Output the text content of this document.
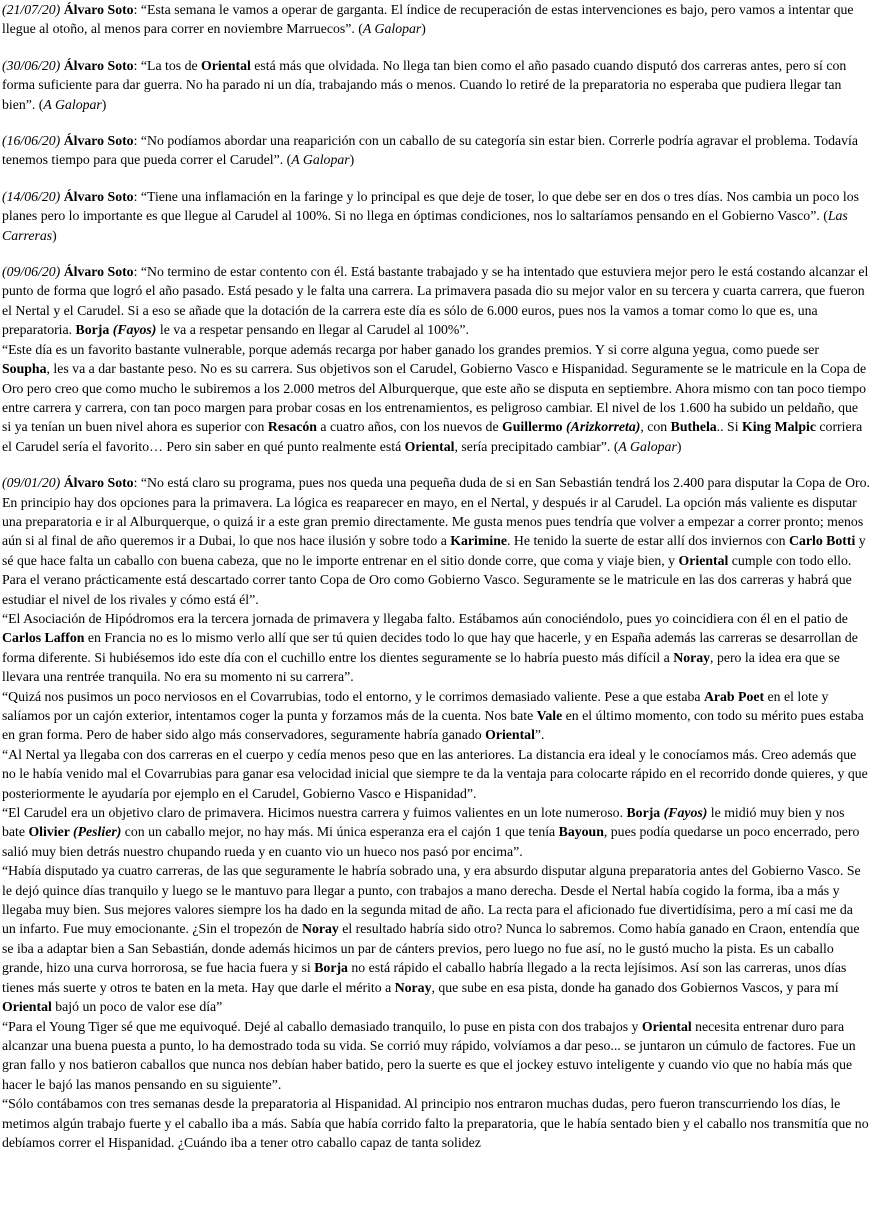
(21/07/20) Álvaro Soto: “Esta semana le vamos a operar de garganta. El índice de recuperación de estas intervenciones es bajo, pero vamos a intentar que llegue al otoño, al menos para correr en noviembre Marruecos”. (A Galopar)

(30/06/20) Álvaro Soto: “La tos de Oriental está más que olvidada. No llega tan bien como el año pasado cuando disputó dos carreras antes, pero sí con forma suficiente para dar guerra. No ha parado ni un día, trabajando más o menos. Cuando lo retiré de la preparatoria no esperaba que pudiera llegar tan bien”. (A Galopar)

(16/06/20) Álvaro Soto: “No podíamos abordar una reaparición con un caballo de su categoría sin estar bien. Correrle podría agravar el problema. Todavía tenemos tiempo para que pueda correr el Carudel”. (A Galopar)

(14/06/20) Álvaro Soto: “Tiene una inflamación en la faringe y lo principal es que deje de toser, lo que debe ser en dos o tres días. Nos cambia un poco los planes pero lo importante es que llegue al Carudel al 100%. Si no llega en óptimas condiciones, nos lo saltaríamos pensando en el Gobierno Vasco”. (Las Carreras)

(09/06/20) Álvaro Soto: “No termino de estar contento con él. Está bastante trabajado y se ha intentado que estuviera mejor pero le está costando alcanzar el punto de forma que logró el año pasado. Está pesado y le falta una carrera. La primavera pasada dio su mejor valor en su tercera y cuarta carrera, que fueron el Nertal y el Carudel. Si a eso se añade que la dotación de la carrera este día es sólo de 6.000 euros, pues nos la vamos a tomar como lo que es, una preparatoria. Borja (Fayos) le va a respetar pensando en llegar al Carudel al 100%”.

“Este día es un favorito bastante vulnerable, porque además recarga por haber ganado los grandes premios. Y si corre alguna yegua, como puede ser Soupha, les va a dar bastante peso. No es su carrera. Sus objetivos son el Carudel, Gobierno Vasco e Hispanidad. Seguramente se le matricule en la Copa de Oro pero creo que como mucho le subiremos a los 2.000 metros del Alburquerque, que este año se disputa en septiembre. Ahora mismo con tan poco tiempo entre carrera y carrera, con tan poco margen para probar cosas en los entrenamientos, es peligroso cambiar. El nivel de los 1.600 ha subido un peldaño, que si ya tenían un buen nivel ahora es superior con Resacón a cuatro años, con los nuevos de Guillermo (Arizkorreta), con Buthela.. Si King Malpic corriera el Carudel sería el favorito… Pero sin saber en qué punto realmente está Oriental, sería precipitado cambiar”. (A Galopar)

(09/01/20) Álvaro Soto: “No está claro su programa, pues nos queda una pequeña duda de si en San Sebastián tendrá los 2.400 para disputar la Copa de Oro. En principio hay dos opciones para la primavera. La lógica es reaparecer en mayo, en el Nertal, y después ir al Carudel. La opción más valiente es disputar una preparatoria e ir al Alburquerque, o quizá ir a este gran premio directamente. Me gusta menos pues tendría que volver a empezar a correr pronto; menos aún si al final de año queremos ir a Dubai, lo que nos hace ilusión y sobre todo a Karimine. He tenido la suerte de estar allí dos inviernos con Carlo Botti y sé que hace falta un caballo con buena cabeza, que no le importe entrenar en el sitio donde corre, que coma y viaje bien, y Oriental cumple con todo ello. Para el verano prácticamente está descartado correr tanto Copa de Oro como Gobierno Vasco. Seguramente se le matricule en las dos carreras y habrá que estudiar el nivel de los rivales y cómo está él”.

“El Asociación de Hipódromos era la tercera jornada de primavera y llegaba falto. Estábamos aún conociéndolo, pues yo coincidiera con él en el patio de Carlos Laffon en Francia no es lo mismo verlo allí que ser tú quien decides todo lo que hay que hacerle, y en España además las carreras se desarrollan de forma diferente. Si hubiésemos ido este día con el cuchillo entre los dientes seguramente se lo habría puesto más difícil a Noray, pero la idea era que se llevara una rentrée tranquila. No era su momento ni su carrera”.

“Quizá nos pusimos un poco nerviosos en el Covarrubias, todo el entorno, y le corrimos demasiado valiente. Pese a que estaba Arab Poet en el lote y salíamos por un cajón exterior, intentamos coger la punta y forzamos más de la cuenta. Nos bate Vale en el último momento, con todo su mérito pues estaba en gran forma. Pero de haber sido algo más conservadores, seguramente habría ganado Oriental”.

“Al Nertal ya llegaba con dos carreras en el cuerpo y cedía menos peso que en las anteriores. La distancia era ideal y le conocíamos más. Creo además que no le había venido mal el Covarrubias para ganar esa velocidad inicial que siempre te da la ventaja para colocarte rápido en el recorrido donde quieres, y que posteriormente le ayudaría por ejemplo en el Carudel, Gobierno Vasco e Hispanidad”.

“El Carudel era un objetivo claro de primavera. Hicimos nuestra carrera y fuimos valientes en un lote numeroso. Borja (Fayos) le midió muy bien y nos bate Olivier (Peslier) con un caballo mejor, no hay más. Mi única esperanza era el cajón 1 que tenía Bayoun, pues podía quedarse un poco encerrado, pero salió muy bien detrás nuestro chupando rueda y en cuanto vio un hueco nos pasó por encima”.

“Había disputado ya cuatro carreras, de las que seguramente le habría sobrado una, y era absurdo disputar alguna preparatoria antes del Gobierno Vasco. Se le dejó quince días tranquilo y luego se le mantuvo para llegar a punto, con trabajos a mano derecha. Desde el Nertal había cogido la forma, iba a más y llegaba muy bien. Sus mejores valores siempre los ha dado en la segunda mitad de año. La recta para el aficionado fue divertidísima, pero a mí casi me da un infarto. Fue muy emocionante. ¿Sin el tropezón de Noray el resultado habría sido otro? Nunca lo sabremos. Como había ganado en Craon, entendía que se iba a adaptar bien a San Sebastián, donde además hicimos un par de cánters previos, pero luego no fue así, no le gustó mucho la pista. Es un caballo grande, hizo una curva horrorosa, se fue hacia fuera y si Borja no está rápido el caballo habría llegado a la recta lejísimos. Así son las carreras, unos días tienes más suerte y otros te baten en la meta. Hay que darle el mérito a Noray, que sube en esa pista, donde ha ganado dos Gobiernos Vascos, y para mí Oriental bajó un poco de valor ese día”

“Para el Young Tiger sé que me equivoqué. Dejé al caballo demasiado tranquilo, lo puse en pista con dos trabajos y Oriental necesita entrenar duro para alcanzar una buena puesta a punto, lo ha demostrado toda su vida. Se corrió muy rápido, volvíamos a dar peso... se juntaron un cúmulo de factores. Fue un gran fallo y nos batieron caballos que nunca nos debían haber batido, pero la suerte es que el jockey estuvo inteligente y cuando vio que no había más que hacer le bajó las manos pensando en su siguiente”.

“Sólo contábamos con tres semanas desde la preparatoria al Hispanidad. Al principio nos entraron muchas dudas, pero fueron transcurriendo los días, le metimos algún trabajo fuerte y el caballo iba a más. Sabía que había corrido falto la preparatoria, que le había sentado bien y el caballo nos transmitía que no debíamos correr el Hispanidad. ¿Cuándo iba a tener otro caballo capaz de tanta solidez
